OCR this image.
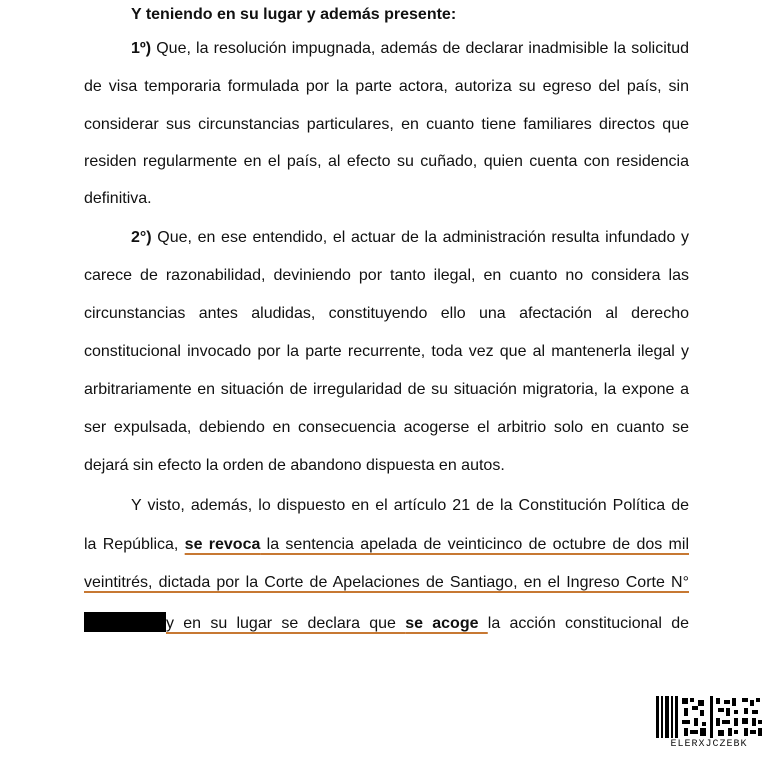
Y teniendo en su lugar y además presente:
1º) Que, la resolución impugnada, además de declarar inadmisible la solicitud
de visa temporaria formulada por la parte actora, autoriza su egreso del país, sin
considerar sus circunstancias particulares, en cuanto tiene familiares directos que
residen regularmente en el país, al efecto su cuñado, quien cuenta con residencia
definitiva.
2°) Que, en ese entendido, el actuar de la administración resulta infundado y
carece de razonabilidad, deviniendo por tanto ilegal, en cuanto no considera las
circunstancias antes aludidas, constituyendo ello una afectación al derecho
constitucional invocado por la parte recurrente, toda vez que al mantenerla ilegal y
arbitrariamente en situación de irregularidad de su situación migratoria, la expone a
ser expulsada, debiendo en consecuencia acogerse el arbitrio solo en cuanto se
dejará sin efecto la orden de abandono dispuesta en autos.
Y visto, además, lo dispuesto en el artículo 21 de la Constitución Política de
la República, se revoca la sentencia apelada de veinticinco de octubre de dos mil
veintitrés, dictada por la Corte de Apelaciones de Santiago, en el Ingreso Corte N°
y en su lugar se declara que se acoge la acción constitucional de
ELERXJCZEBK
